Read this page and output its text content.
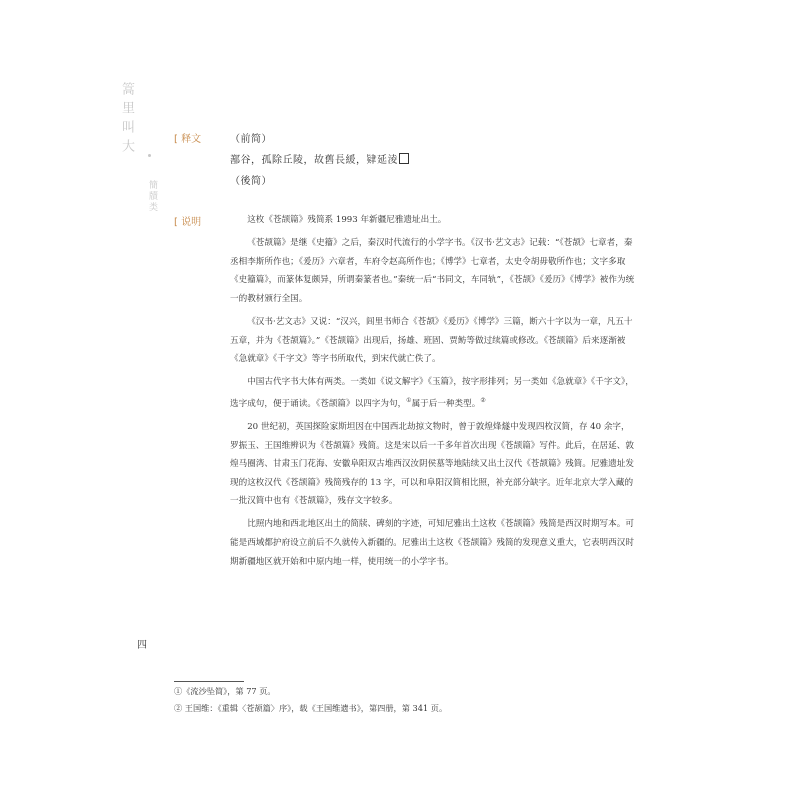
篙里叫大
簡牘类
[ 释文
[ 说明
（前简）
鄯谷，孤除丘陵，故舊長緩，肄延淩
（後简）

这枚《苍颉篇》残简系 1993 年新疆尼雅遗址出土。

《苍颉篇》是继《史籀》之后，秦汉时代流行的小学字书。《汉书·艺文志》记载：“《苍颉》七章者，秦丞相李斯所作也；《爰历》六章者，车府令赵高所作也；《博学》七章者，太史令胡毋敬所作也；文字多取《史籀篇》，而篆体复颇异，所谓秦篆者也。”秦统一后“书同文，车同轨”，《苍颉》《爰历》《博学》被作为统一的教材颁行全国。

《汉书·艺文志》又说：“汉兴，闾里书师合《苍颉》《爰历》《博学》三篇，断六十字以为一章，凡五十五章，并为《苍颉篇》。”《苍颉篇》出现后，扬雄、班固、贾鲂等做过续篇或修改。《苍颉篇》后来逐渐被《急就章》《千字文》等字书所取代，到宋代就亡佚了。

中国古代字书大体有两类。一类如《说文解字》《玉篇》，按字形排列；另一类如《急就章》《千字文》，选字成句，便于诵读。《苍颉篇》以四字为句，①属于后一种类型。②

20 世纪初，英国探险家斯坦因在中国西北劫掠文物时，曾于敦煌烽燧中发现四枚汉简，存 40 余字，罗振玉、王国维辨识为《苍颉篇》残简。这是宋以后一千多年首次出现《苍颉篇》写件。此后，在居延、敦煌马圈湾、甘肃玉门花海、安徽阜阳双古堆西汉汝阴侯墓等地陆续又出土汉代《苍颉篇》残简。尼雅遗址发现的这枚汉代《苍颉篇》残简残存的 13 字，可以和阜阳汉简相比照，补充部分缺字。近年北京大学入藏的一批汉简中也有《苍颉篇》，残存文字较多。

比照内地和西北地区出土的简牍、碑刻的字迹，可知尼雅出土这枚《苍颉篇》残简是西汉时期写本。可能是西域都护府设立前后不久就传入新疆的。尼雅出土这枚《苍颉篇》残简的发现意义重大，它表明西汉时期新疆地区就开始和中原内地一样，使用统一的小学字书。

四
①《流沙坠简》，第 77 页。
② 王国维：《重辑〈苍颉篇〉序》，载《王国维遗书》，第四册，第 341 页。
